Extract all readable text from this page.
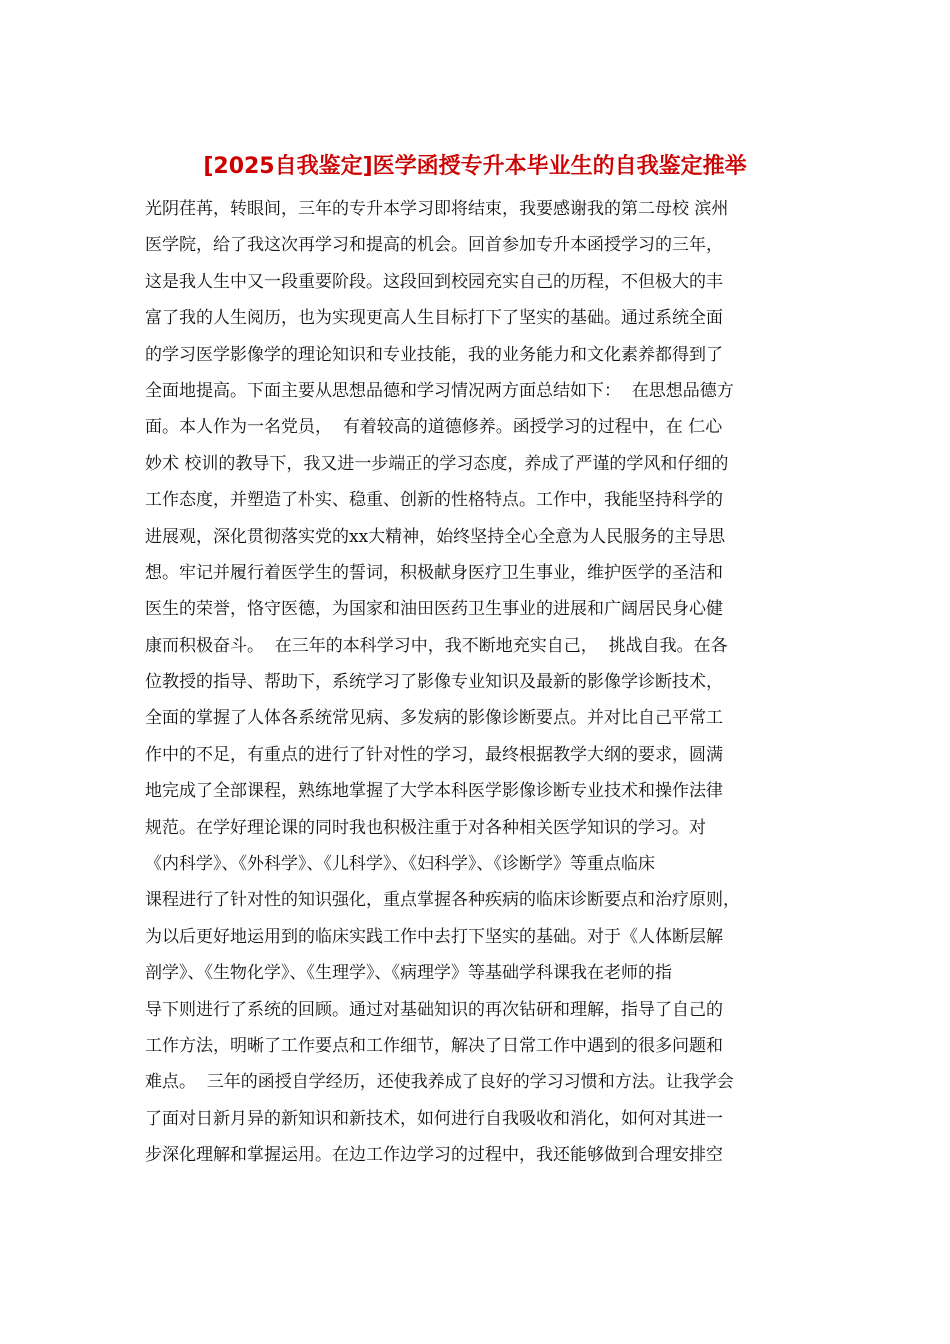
[2025自我鉴定]医学函授专升本毕业生的自我鉴定推举
光阴荏苒，转眼间，三年的专升本学习即将结束，我要感谢我的第二母校 滨州
医学院，给了我这次再学习和提高的机会。回首参加专升本函授学习的三年，
这是我人生中又一段重要阶段。这段回到校园充实自己的历程，不但极大的丰
富了我的人生阅历，也为实现更高人生目标打下了坚实的基础。通过系统全面
的学习医学影像学的理论知识和专业技能，我的业务能力和文化素养都得到了
全面地提高。下面主要从思想品德和学习情况两方面总结如下：  在思想品德方
面。本人作为一名党员，  有着较高的道德修养。函授学习的过程中，在 仁心
妙术 校训的教导下，我又进一步端正的学习态度，养成了严谨的学风和仔细的
工作态度，并塑造了朴实、稳重、创新的性格特点。工作中，我能坚持科学的
进展观，深化贯彻落实党的xx大精神，始终坚持全心全意为人民服务的主导思
想。牢记并履行着医学生的誓词，积极献身医疗卫生事业，维护医学的圣洁和
医生的荣誉，恪守医德，为国家和油田医药卫生事业的进展和广阔居民身心健
康而积极奋斗。  在三年的本科学习中，我不断地充实自己，  挑战自我。在各
位教授的指导、帮助下，系统学习了影像专业知识及最新的影像学诊断技术，
全面的掌握了人体各系统常见病、多发病的影像诊断要点。并对比自己平常工
作中的不足，有重点的进行了针对性的学习，最终根据教学大纲的要求，圆满
地完成了全部课程，熟练地掌握了大学本科医学影像诊断专业技术和操作法律
规范。在学好理论课的同时我也积极注重于对各种相关医学知识的学习。对
《内科学》、《外科学》、《儿科学》、《妇科学》、《诊断学》等重点临床
课程进行了针对性的知识强化，重点掌握各种疾病的临床诊断要点和治疗原则，
为以后更好地运用到的临床实践工作中去打下坚实的基础。对于《人体断层解
剖学》、《生物化学》、《生理学》、《病理学》等基础学科课我在老师的指
导下则进行了系统的回顾。通过对基础知识的再次钻研和理解，指导了自己的
工作方法，明晰了工作要点和工作细节，解决了日常工作中遇到的很多问题和
难点。  三年的函授自学经历，还使我养成了良好的学习习惯和方法。让我学会
了面对日新月异的新知识和新技术，如何进行自我吸收和消化，如何对其进一
步深化理解和掌握运用。在边工作边学习的过程中，我还能够做到合理安排空
